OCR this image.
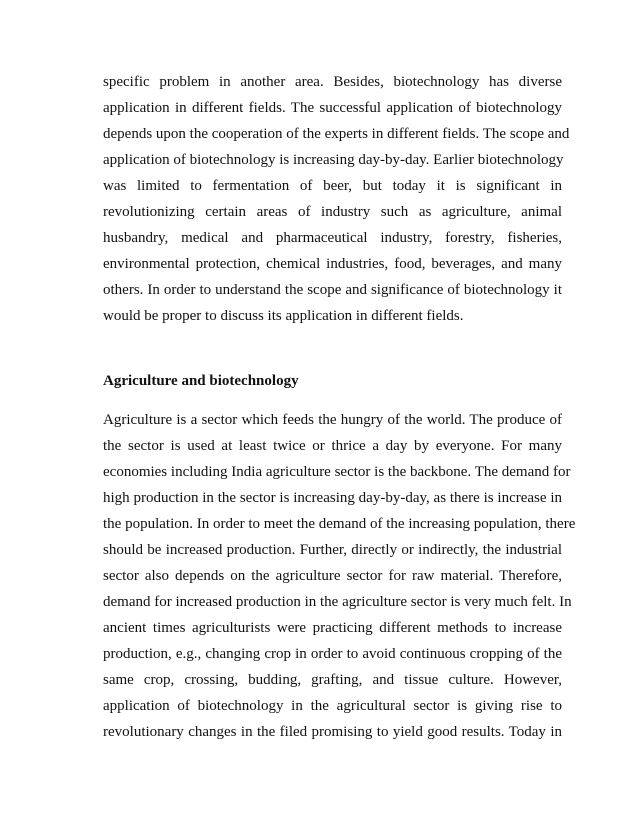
specific problem in another area. Besides, biotechnology has diverse
application in different fields. The successful application of biotechnology
depends upon the cooperation of the experts in different fields. The scope and
application of biotechnology is increasing day-by-day. Earlier biotechnology
was limited to fermentation of beer, but today it is significant in
revolutionizing certain areas of industry such as agriculture, animal
husbandry, medical and pharmaceutical industry, forestry, fisheries,
environmental protection, chemical industries, food, beverages, and many
others. In order to understand the scope and significance of biotechnology it
would be proper to discuss its application in different fields.
Agriculture and biotechnology
Agriculture is a sector which feeds the hungry of the world. The produce of
the sector is used at least twice or thrice a day by everyone. For many
economies including India agriculture sector is the backbone. The demand for
high production in the sector is increasing day-by-day, as there is increase in
the population. In order to meet the demand of the increasing population, there
should be increased production. Further, directly or indirectly, the industrial
sector also depends on the agriculture sector for raw material. Therefore,
demand for increased production in the agriculture sector is very much felt. In
ancient times agriculturists were practicing different methods to increase
production, e.g., changing crop in order to avoid continuous cropping of the
same crop, crossing, budding, grafting, and tissue culture. However,
application of biotechnology in the agricultural sector is giving rise to
revolutionary changes in the filed promising to yield good results. Today in
